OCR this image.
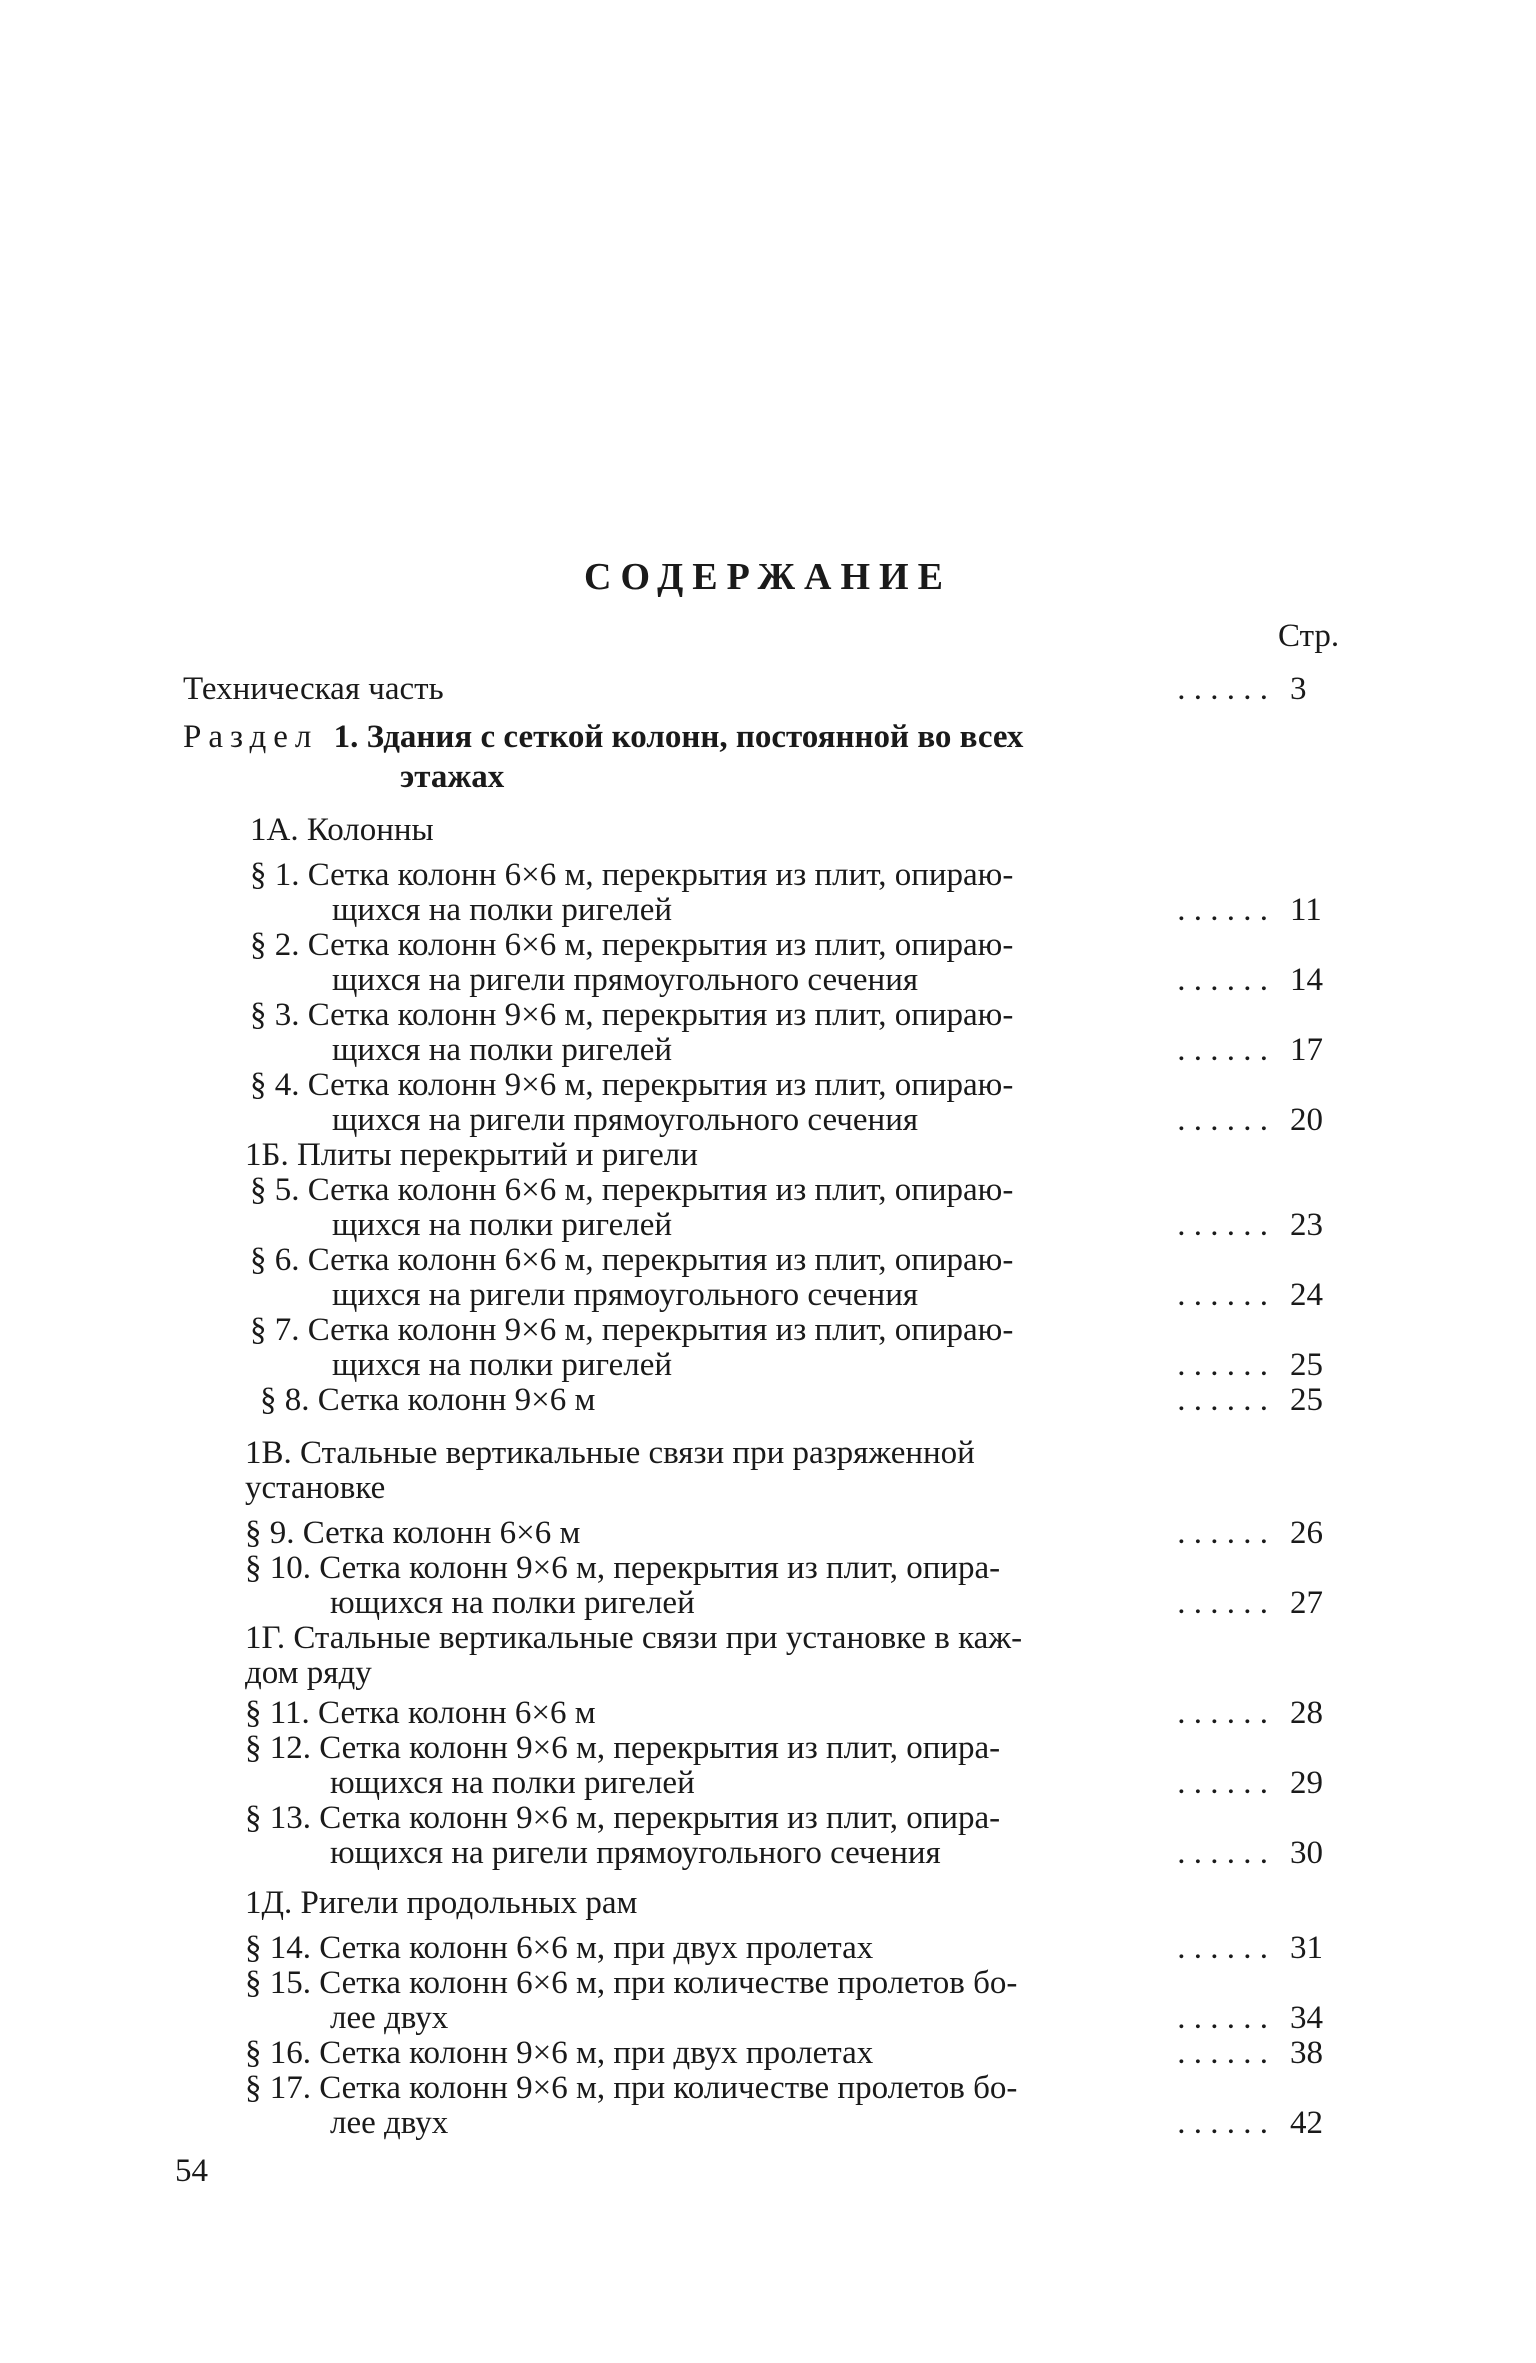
СОДЕРЖАНИЕ
Стр.
Техническая часть	. . . . . . 3
Раздел 1. Здания с сеткой колонн, постоянной во всех
этажах
1А. Колонны
§ 1. Сетка колонн 6×6 м, перекрытия из плит, опираю-
щихся на полки ригелей	. . . . . . 11
§ 2. Сетка колонн 6×6 м, перекрытия из плит, опираю-
щихся на ригели прямоугольного сечения	. . . . . . 14
§ 3. Сетка колонн 9×6 м, перекрытия из плит, опираю-
щихся на полки ригелей	. . . . . . 17
§ 4. Сетка колонн 9×6 м, перекрытия из плит, опираю-
щихся на ригели прямоугольного сечения	. . . . . . 20
1Б. Плиты перекрытий и ригели
§ 5. Сетка колонн 6×6 м, перекрытия из плит, опираю-
щихся на полки ригелей	. . . . . . 23
§ 6. Сетка колонн 6×6 м, перекрытия из плит, опираю-
щихся на ригели прямоугольного сечения	. . . . . . 24
§ 7. Сетка колонн 9×6 м, перекрытия из плит, опираю-
щихся на полки ригелей	. . . . . . 25
§ 8. Сетка колонн 9×6 м	. . . . . . 25
1В. Стальные вертикальные связи при разряженной
установке
§ 9. Сетка колонн 6×6 м	. . . . . . 26
§ 10. Сетка колонн 9×6 м, перекрытия из плит, опира-
ющихся на полки ригелей	. . . . . . 27
1Г. Стальные вертикальные связи при установке в каж-
дом ряду
§ 11. Сетка колонн 6×6 м	. . . . . . 28
§ 12. Сетка колонн 9×6 м, перекрытия из плит, опира-
ющихся на полки ригелей	. . . . . . 29
§ 13. Сетка колонн 9×6 м, перекрытия из плит, опира-
ющихся на ригели прямоугольного сечения	. . . . . . 30
1Д. Ригели продольных рам
§ 14. Сетка колонн 6×6 м, при двух пролетах	. . . . . . 31
§ 15. Сетка колонн 6×6 м, при количестве пролетов бо-
лее двух	. . . . . . 34
§ 16. Сетка колонн 9×6 м, при двух пролетах	. . . . . . 38
§ 17. Сетка колонн 9×6 м, при количестве пролетов бо-
лее двух	. . . . . . 42
54
